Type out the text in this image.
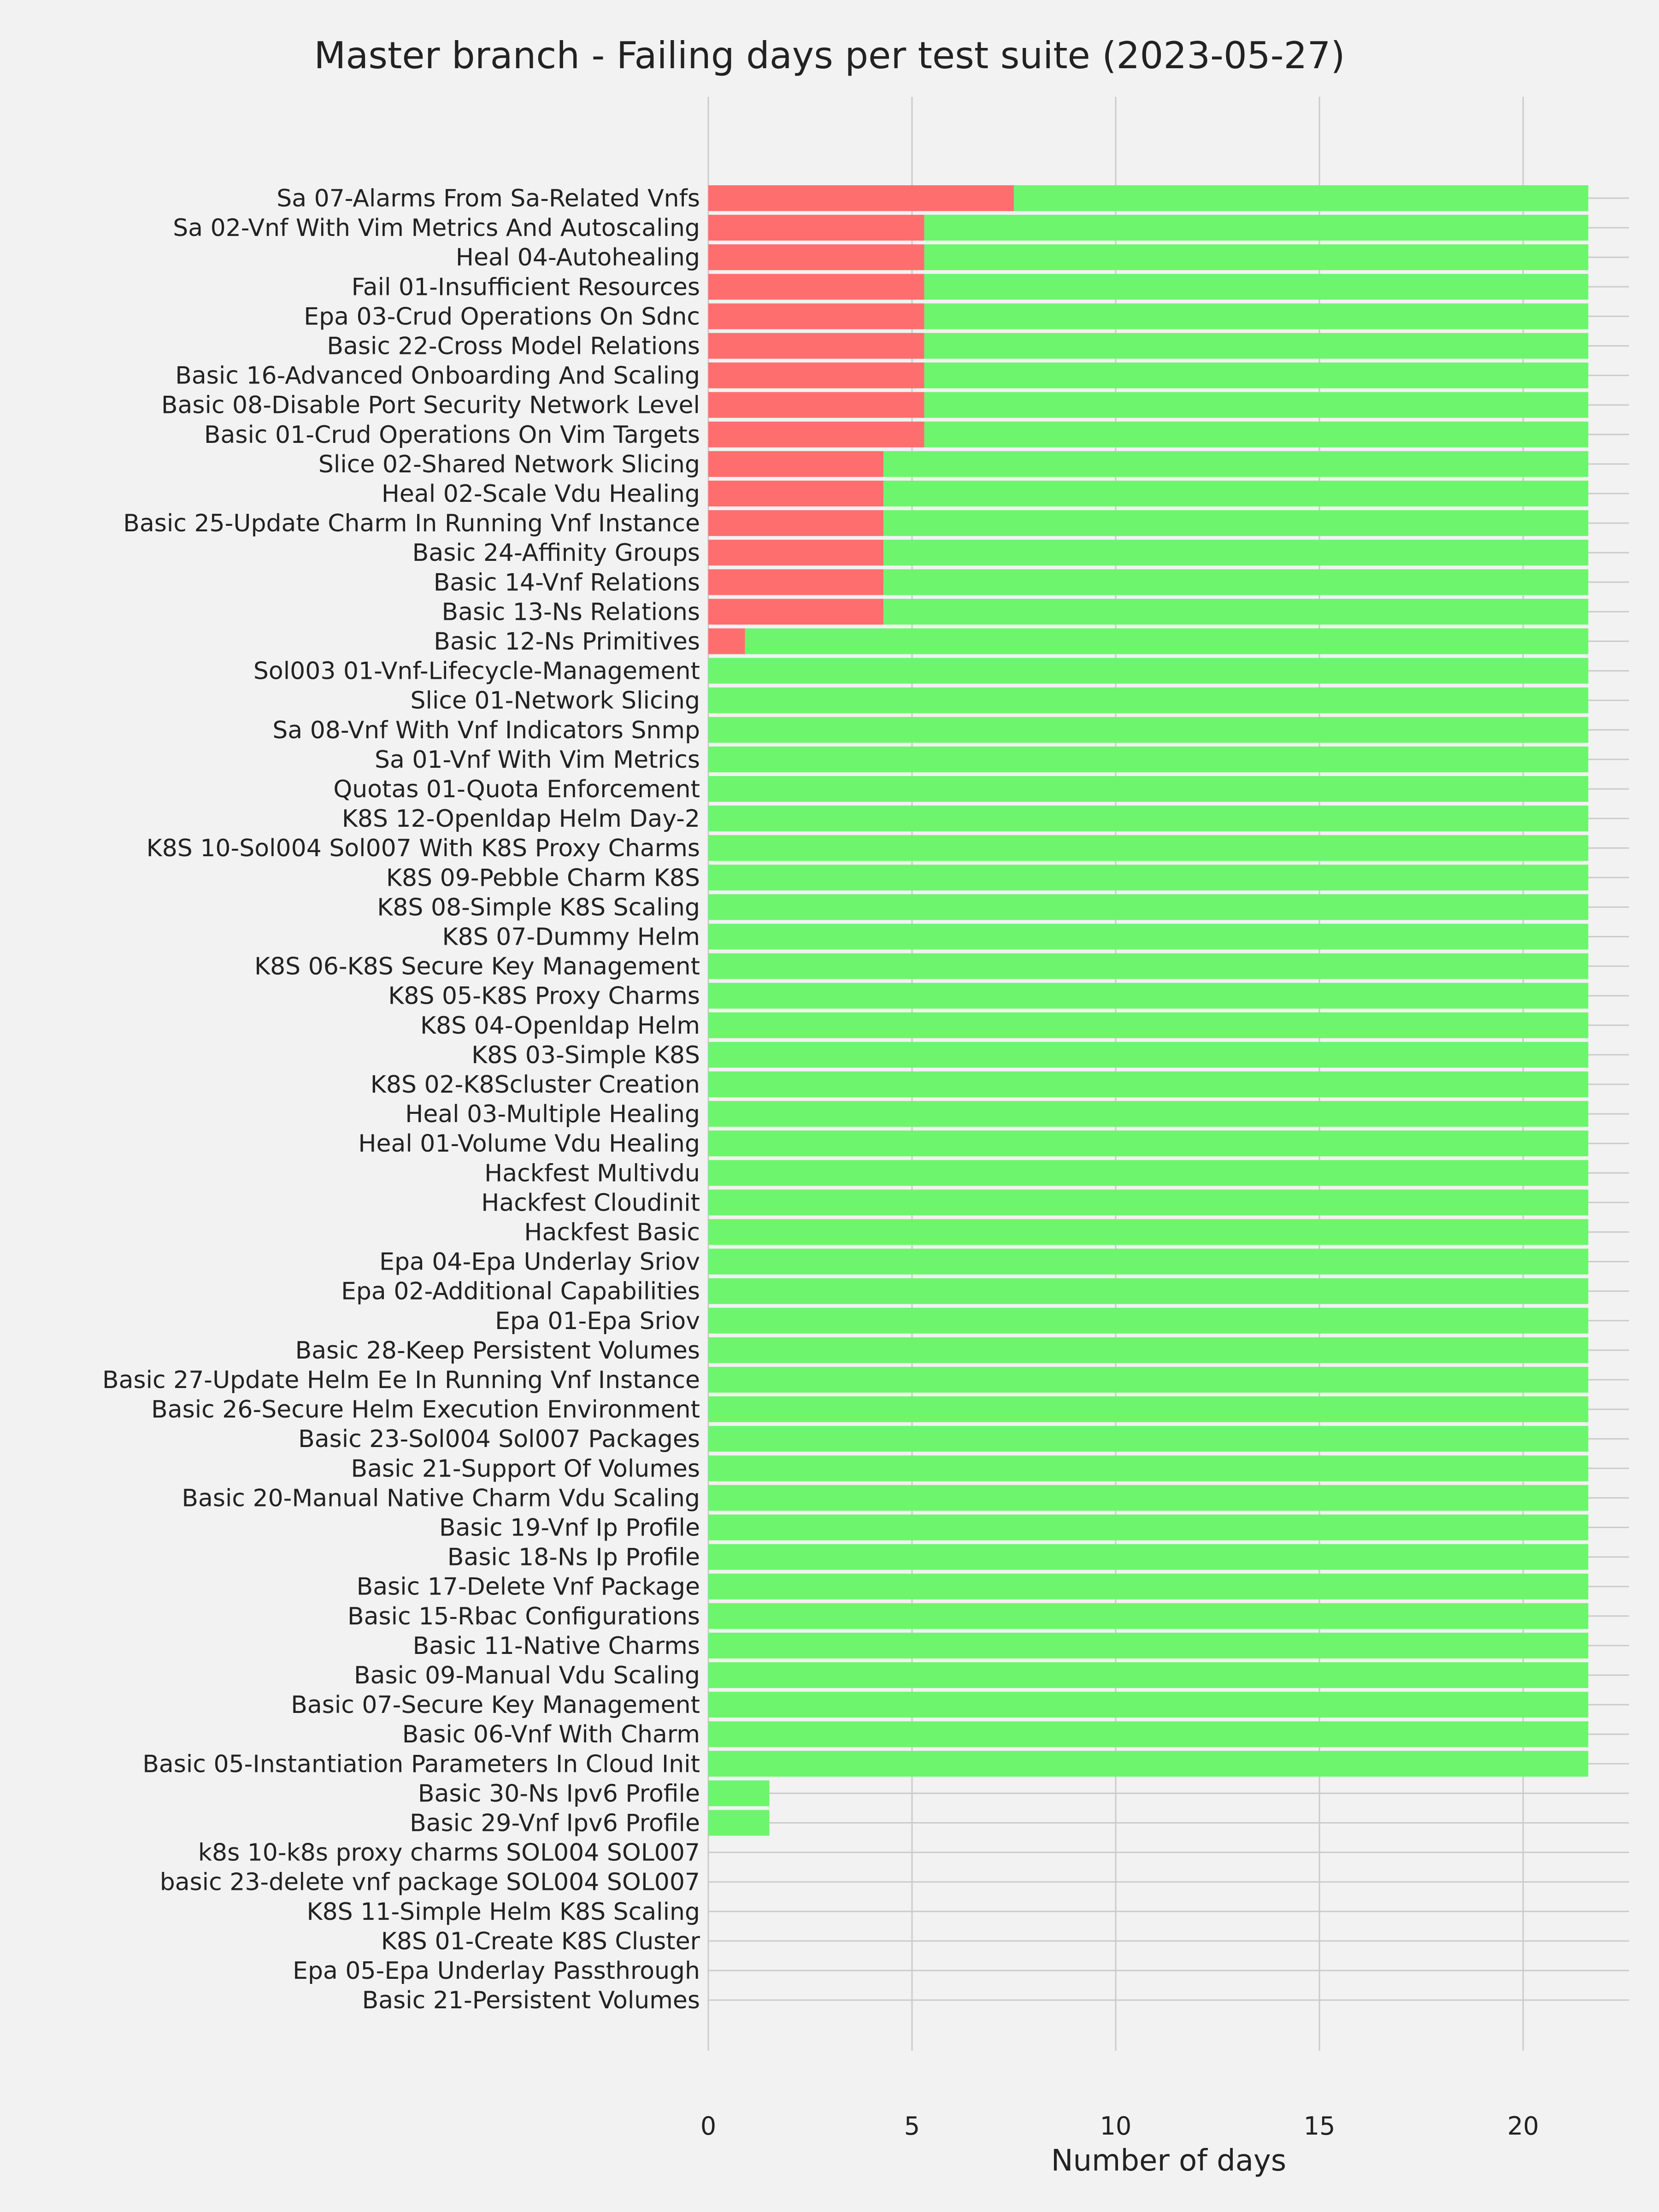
Master branch - Failing days per test suite (2023-05-27)
Sa 07-Alarms From Sa-Related Vnfs
Sa 02-Vnf With Vim Metrics And Autoscaling
Heal 04-Autohealing
Fail 01-Insufficient Resources
Epa 03-Crud Operations On Sdnc
Basic 22-Cross Model Relations
Basic 16-Advanced Onboarding And Scaling
Basic 08-Disable Port Security Network Level
Basic 01-Crud Operations On Vim Targets
Slice 02-Shared Network Slicing
Heal 02-Scale Vdu Healing
Basic 25-Update Charm In Running Vnf Instance
Basic 24-Affinity Groups
Basic 14-Vnf Relations
Basic 13-Ns Relations
Basic 12-Ns Primitives
Sol003 01-Vnf-Lifecycle-Management
Slice 01-Network Slicing
Sa 08-Vnf With Vnf Indicators Snmp
Sa 01-Vnf With Vim Metrics
Quotas 01-Quota Enforcement
K8S 12-Openldap Helm Day-2
K8S 10-Sol004 Sol007 With K8S Proxy Charms
K8S 09-Pebble Charm K8S
K8S 08-Simple K8S Scaling
K8S 07-Dummy Helm
K8S 06-K8S Secure Key Management
K8S 05-K8S Proxy Charms
K8S 04-Openldap Helm
K8S 03-Simple K8S
K8S 02-K8Scluster Creation
Heal 03-Multiple Healing
Heal 01-Volume Vdu Healing
Hackfest Multivdu
Hackfest Cloudinit
Hackfest Basic
Epa 04-Epa Underlay Sriov
Epa 02-Additional Capabilities
Epa 01-Epa Sriov
Basic 28-Keep Persistent Volumes
Basic 27-Update Helm Ee In Running Vnf Instance
Basic 26-Secure Helm Execution Environment
Basic 23-Sol004 Sol007 Packages
Basic 21-Support Of Volumes
Basic 20-Manual Native Charm Vdu Scaling
Basic 19-Vnf Ip Profile
Basic 18-Ns Ip Profile
Basic 17-Delete Vnf Package
Basic 15-Rbac Configurations
Basic 11-Native Charms
Basic 09-Manual Vdu Scaling
Basic 07-Secure Key Management
Basic 06-Vnf With Charm
Basic 05-Instantiation Parameters In Cloud Init
Basic 30-Ns Ipv6 Profile
Basic 29-Vnf Ipv6 Profile
k8s 10-k8s proxy charms SOL004 SOL007
basic 23-delete vnf package SOL004 SOL007
K8S 11-Simple Helm K8S Scaling
K8S 01-Create K8S Cluster
Epa 05-Epa Underlay Passthrough
Basic 21-Persistent Volumes
0	5	10	15	20
Number of days
